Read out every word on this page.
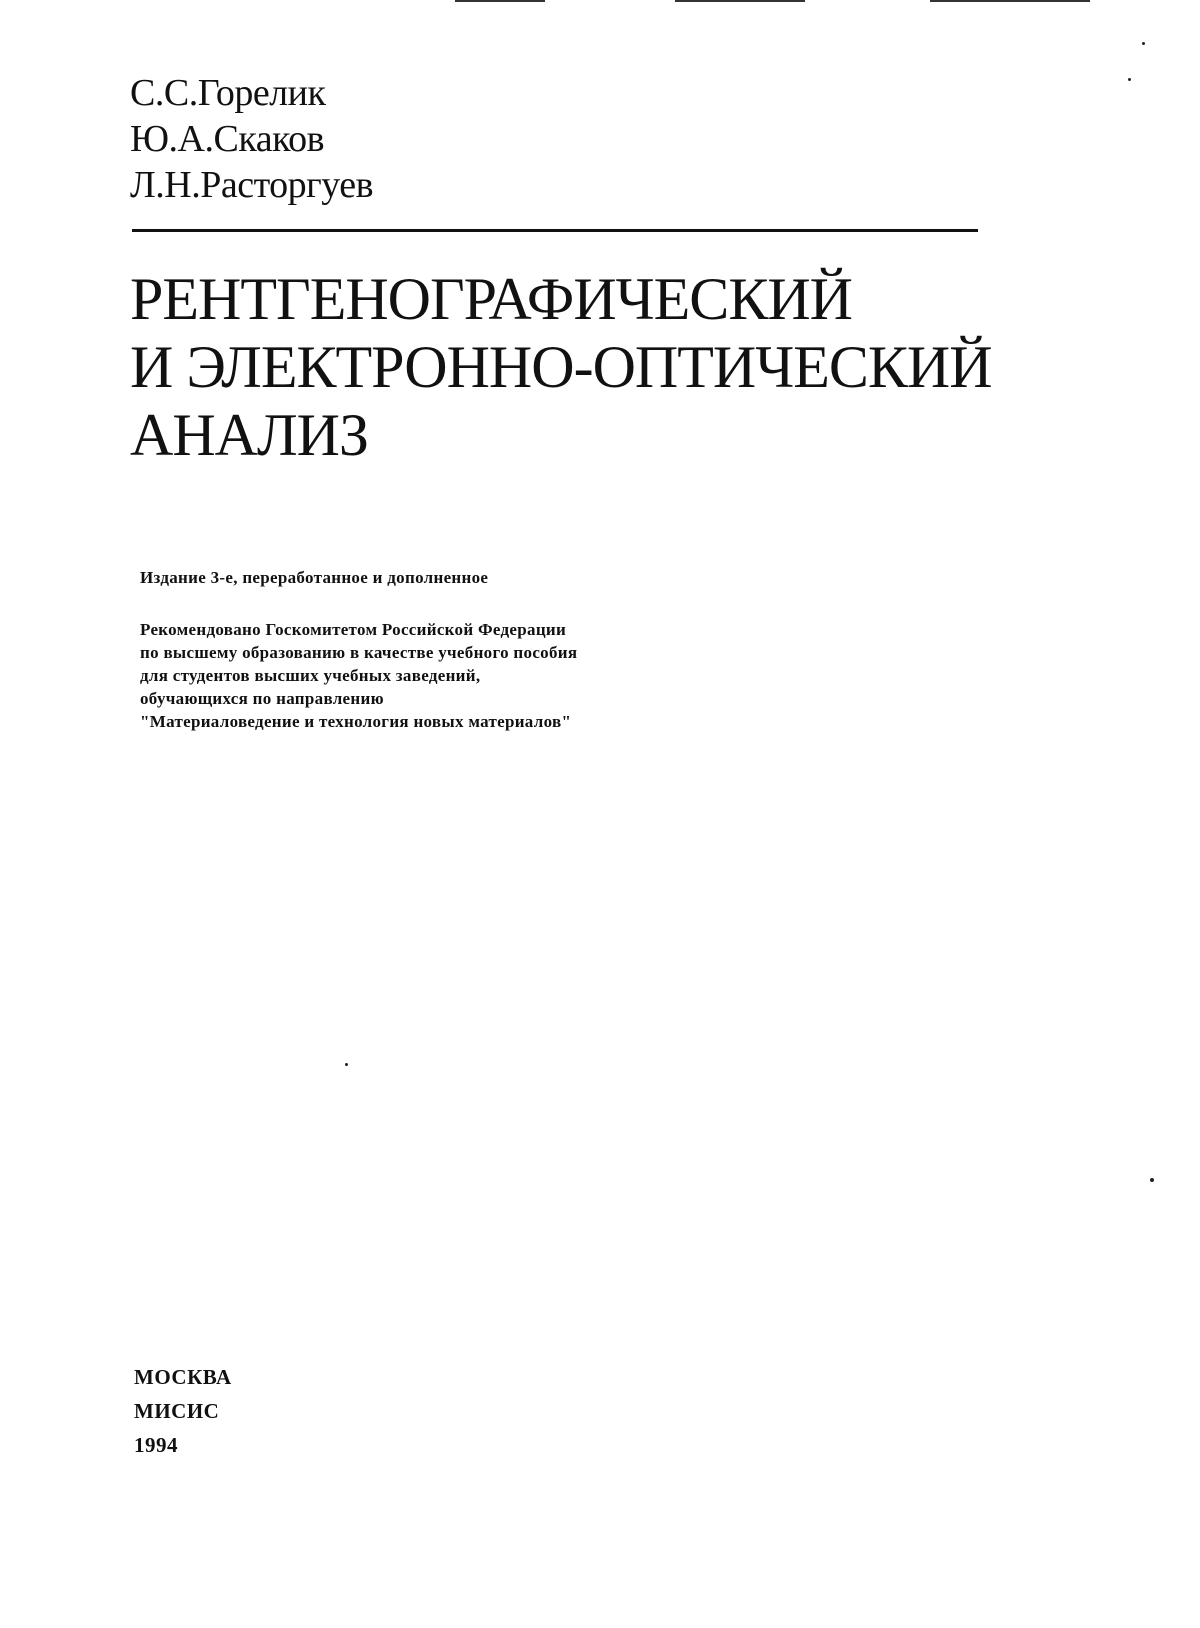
С.С.Горелик
Ю.А.Скаков
Л.Н.Расторгуев
РЕНТГЕНОГРАФИЧЕСКИЙ
И ЭЛЕКТРОННО-ОПТИЧЕСКИЙ
АНАЛИЗ
Издание 3-е, переработанное и дополненное
Рекомендовано Госкомитетом Российской Федерации
по высшему образованию в качестве учебного пособия
для студентов высших учебных заведений,
обучающихся по направлению
"Материаловедение и технология новых материалов"
МОСКВА
МИСИС
1994
